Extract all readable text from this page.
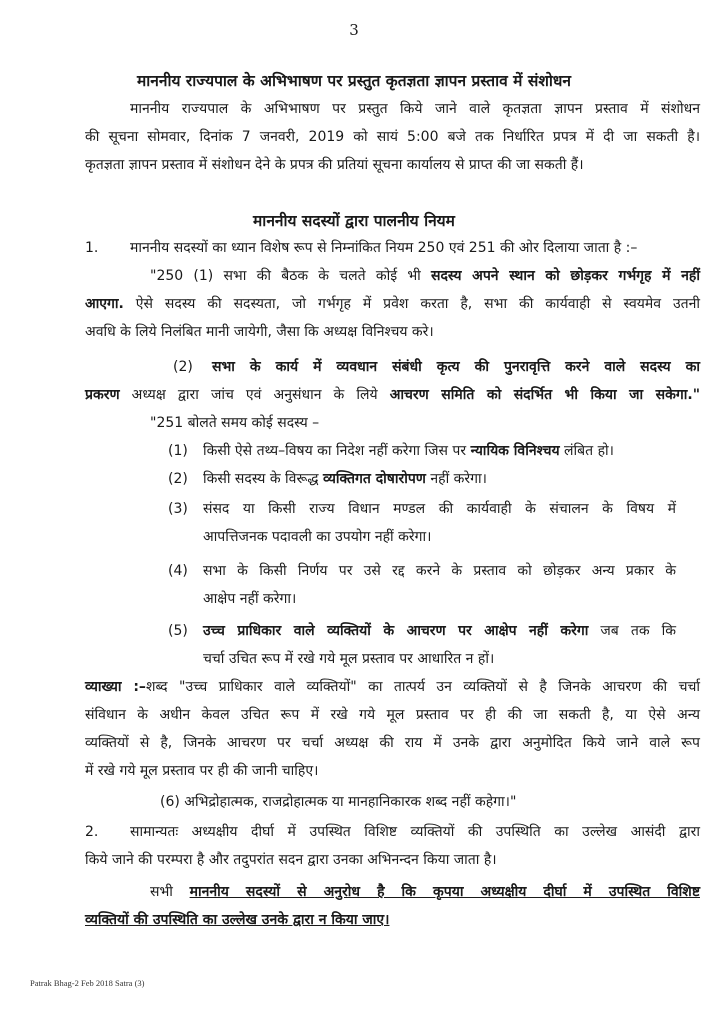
3
माननीय राज्यपाल के अभिभाषण पर प्रस्तुत कृतज्ञता ज्ञापन प्रस्ताव में संशोधन
माननीय राज्यपाल के अभिभाषण पर प्रस्तुत किये जाने वाले कृतज्ञता ज्ञापन प्रस्ताव में संशोधन
की सूचना सोमवार, दिनांक 7 जनवरी, 2019 को सायं 5:00 बजे तक निर्धारित प्रपत्र में दी जा सकती है।
कृतज्ञता ज्ञापन प्रस्ताव में संशोधन देने के प्रपत्र की प्रतियां सूचना कार्यालय से प्राप्त की जा सकती हैं।
माननीय सदस्यों द्वारा पालनीय नियम
1. माननीय सदस्यों का ध्यान विशेष रूप से निम्नांकित नियम 250 एवं 251 की ओर दिलाया जाता है :–
"250 (1) सभा की बैठक के चलते कोई भी सदस्य अपने स्थान को छोड़कर गर्भगृह में नहीं
आएगा. ऐसे सदस्य की सदस्यता, जो गर्भगृह में प्रवेश करता है, सभा की कार्यवाही से स्वयमेव उतनी
अवधि के लिये निलंबित मानी जायेगी, जैसा कि अध्यक्ष विनिश्चय करे।
(2) सभा के कार्य में व्यवधान संबंधी कृत्य की पुनरावृत्ति करने वाले सदस्य का
प्रकरण अध्यक्ष द्वारा जांच एवं अनुसंधान के लिये आचरण समिति को संदर्भित भी किया जा सकेगा."
"251 बोलते समय कोई सदस्य –
(1) किसी ऐसे तथ्य–विषय का निदेश नहीं करेगा जिस पर न्यायिक विनिश्चय लंबित हो।
(2) किसी सदस्य के विरूद्ध व्यक्तिगत दोषारोपण नहीं करेगा।
(3) संसद या किसी राज्य विधान मण्डल की कार्यवाही के संचालन के विषय में
आपत्तिजनक पदावली का उपयोग नहीं करेगा।
(4) सभा के किसी निर्णय पर उसे रद्द करने के प्रस्ताव को छोड़कर अन्य प्रकार के
आक्षेप नहीं करेगा।
(5) उच्च प्राधिकार वाले व्यक्तियों के आचरण पर आक्षेप नहीं करेगा जब तक कि
चर्चा उचित रूप में रखे गये मूल प्रस्ताव पर आधारित न हों।
व्याख्या :–शब्द "उच्च प्राधिकार वाले व्यक्तियों" का तात्पर्य उन व्यक्तियों से है जिनके आचरण की चर्चा
संविधान के अधीन केवल उचित रूप में रखे गये मूल प्रस्ताव पर ही की जा सकती है, या ऐसे अन्य
व्यक्तियों से है, जिनके आचरण पर चर्चा अध्यक्ष की राय में उनके द्वारा अनुमोदित किये जाने वाले रूप
में रखे गये मूल प्रस्ताव पर ही की जानी चाहिए।
(6) अभिद्रोहात्मक, राजद्रोहात्मक या मानहानिकारक शब्द नहीं कहेगा।"
2. सामान्यतः अध्यक्षीय दीर्घा में उपस्थित विशिष्ट व्यक्तियों की उपस्थिति का उल्लेख आसंदी द्वारा
किये जाने की परम्परा है और तदुपरांत सदन द्वारा उनका अभिनन्दन किया जाता है।
सभी माननीय सदस्यों से अनुरोध है कि कृपया अध्यक्षीय दीर्घा में उपस्थित विशिष्ट
व्यक्तियों की उपस्थिति का उल्लेख उनके द्वारा न किया जाए।
Patrak Bhag-2 Feb 2018 Satra (3)
